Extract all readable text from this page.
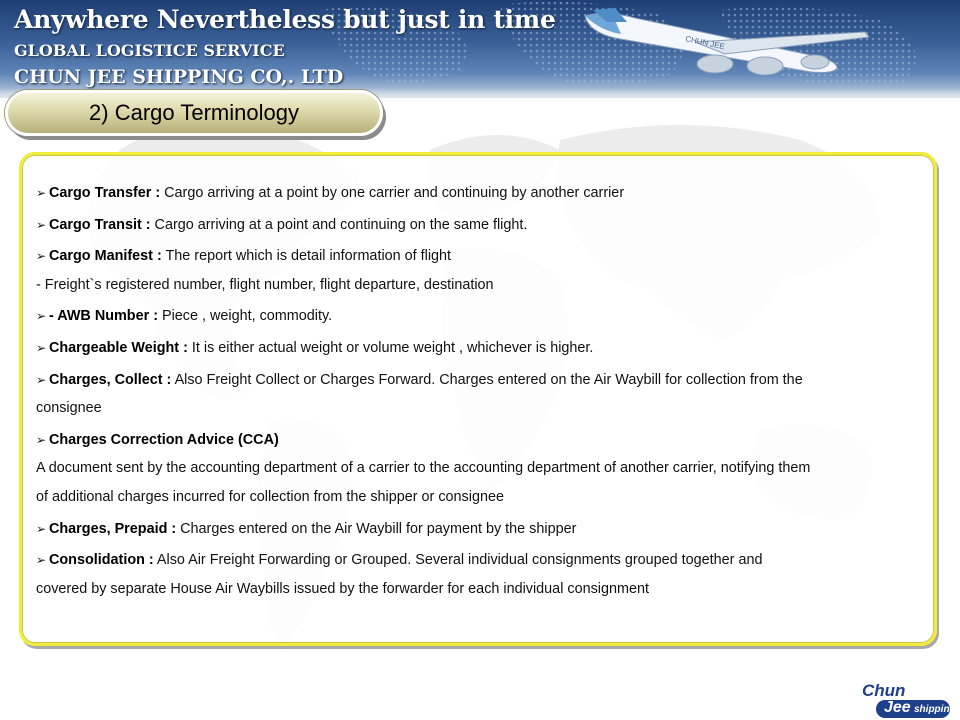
Anywhere Nevertheless but just in time
GLOBAL LOGISTICE SERVICE
CHUN JEE SHIPPING CO,. LTD
CHUN JEE
2) Cargo Terminology
➢ Cargo Transfer : Cargo arriving at a point by one carrier and continuing by another carrier
➢ Cargo Transit : Cargo arriving at a point and continuing on the same flight.
➢ Cargo Manifest : The report which is detail information of flight
- Freight`s registered number, flight number, flight departure, destination
➢ - AWB Number : Piece , weight, commodity.
➢ Chargeable Weight : It is either actual weight or volume weight , whichever is higher.
➢ Charges, Collect : Also Freight Collect or Charges Forward. Charges entered on the Air Waybill for collection from the
consignee
➢ Charges Correction Advice (CCA)
A document sent by the accounting department of a carrier to the accounting department of another carrier, notifying them
of additional charges incurred for collection from the shipper or consignee
➢ Charges, Prepaid : Charges entered on the Air Waybill for payment by the shipper
➢ Consolidation : Also Air Freight Forwarding or Grouped. Several individual consignments grouped together and
covered by separate House Air Waybills issued by the forwarder for each individual consignment
Chun
Jee shipping
